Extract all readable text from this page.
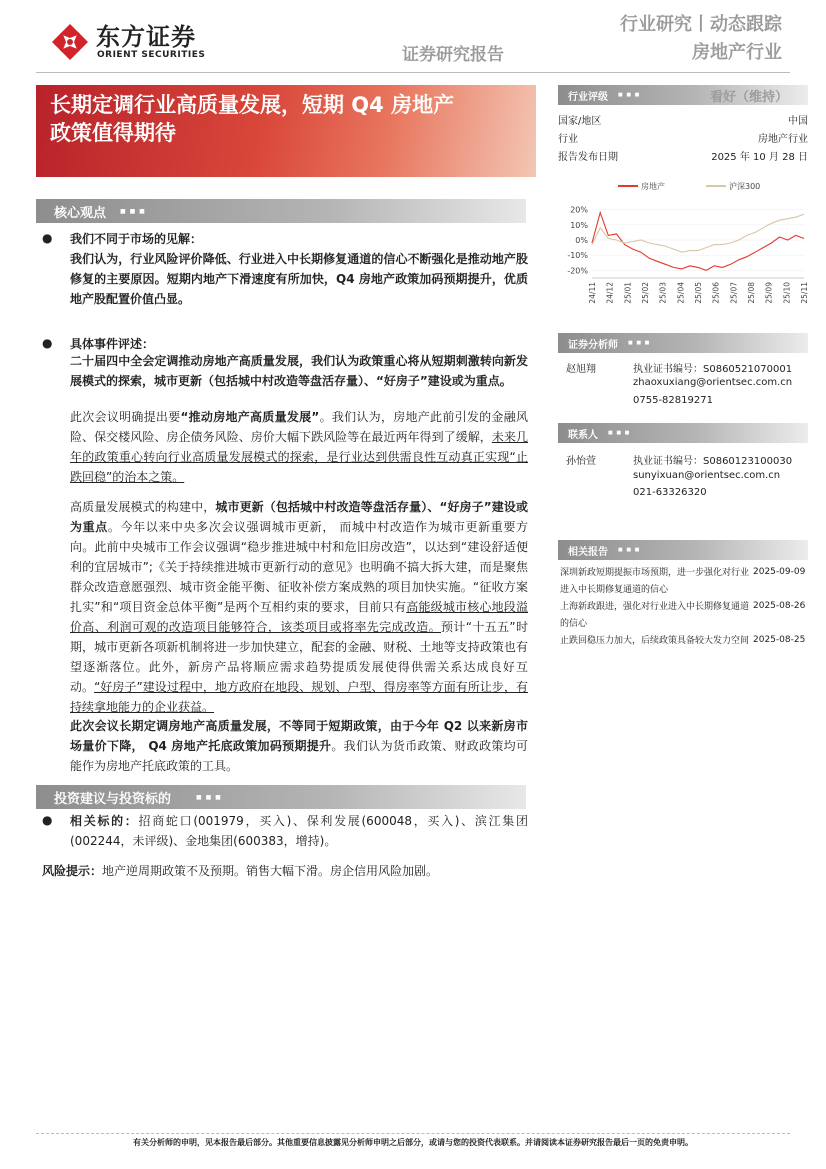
东方证券
ORIENT SECURITIES	证券研究报告
行业研究丨动态跟踪
房地产行业
长期定调行业高质量发展，短期 Q4 房地产
政策值得期待
行业评级 ■ ■ ■	看好（维持）
国家/地区	中国
行业	房地产行业
报告发布日期	2025 年 10 月 28 日
房地产	沪深300
20%
10%
0%
-10%
-20%
24/11 24/12 25/01 25/02 25/03 25/04 25/05 25/06 25/07 25/08 25/09 25/10 25/11
证券分析师 ■ ■ ■
赵旭翔	执业证书编号：S0860521070001
zhaoxuxiang@orientsec.com.cn
0755-82819271
联系人 ■ ■ ■
孙怡萱	执业证书编号：S0860123100030
sunyixuan@orientsec.com.cn
021-63326320
相关报告 ■ ■ ■
深圳新政短期提振市场预期，进一步强化对行业进入中长期修复通道的信心
2025-09-09
上海新政跟进，强化对行业进入中长期修复通道的信心
2025-08-26
止跌回稳压力加大，后续政策具备较大发力空间 2025-08-25
核心观点 ■ ■ ■
● 我们不同于市场的见解：
我们认为，行业风险评价降低、行业进入中长期修复通道的信心不断强化是推动地产股修复的主要原因。短期内地产下滑速度有所加快，Q4 房地产政策加码预期提升，优质地产股配置价值凸显。
● 具体事件评述：
二十届四中全会定调推动房地产高质量发展，我们认为政策重心将从短期刺激转向新发展模式的探索，城市更新（包括城中村改造等盘活存量）、“好房子”建设或为重点。
此次会议明确提出要“推动房地产高质量发展”。我们认为，房地产此前引发的金融风险、保交楼风险、房企债务风险、房价大幅下跌风险等在最近两年得到了缓解，未来几年的政策重心转向行业高质量发展模式的探索，是行业达到供需良性互动真正实现“止跌回稳”的治本之策。
高质量发展模式的构建中，城市更新（包括城中村改造等盘活存量）、“好房子”建设或为重点。今年以来中央多次会议强调城市更新， 而城中村改造作为城市更新重要方向。此前中央城市工作会议强调“稳步推进城中村和危旧房改造”，以达到“建设舒适便利的宜居城市”;《关于持续推进城市更新行动的意见》也明确不搞大拆大建，而是聚焦群众改造意愿强烈、城市资金能平衡、征收补偿方案成熟的项目加快实施。“征收方案扎实”和“项目资金总体平衡”是两个互相约束的要求，目前只有高能级城市核心地段溢价高、利润可观的改造项目能够符合，该类项目或将率先完成改造。预计“十五五”时期，城市更新各项新机制将进一步加快建立，配套的金融、财税、土地等支持政策也有望逐渐落位。此外，新房产品将顺应需求趋势提质发展使得供需关系达成良好互动。“好房子”建设过程中，地方政府在地段、规划、户型、得房率等方面有所让步，有持续拿地能力的企业获益。
此次会议长期定调房地产高质量发展，不等同于短期政策，由于今年 Q2 以来新房市场量价下降， Q4 房地产托底政策加码预期提升。我们认为货币政策、财政政策均可能作为房地产托底政策的工具。
投资建议与投资标的	■ ■ ■
● 相关标的：招商蛇口(001979，买入)、保利发展(600048，买入)、滨江集团(002244，未评级)、金地集团(600383，增持)。
风险提示：地产逆周期政策不及预期。销售大幅下滑。房企信用风险加剧。
有关分析师的申明，见本报告最后部分。其他重要信息披露见分析师申明之后部分，或请与您的投资代表联系。并请阅读本证券研究报告最后一页的免责申明。
